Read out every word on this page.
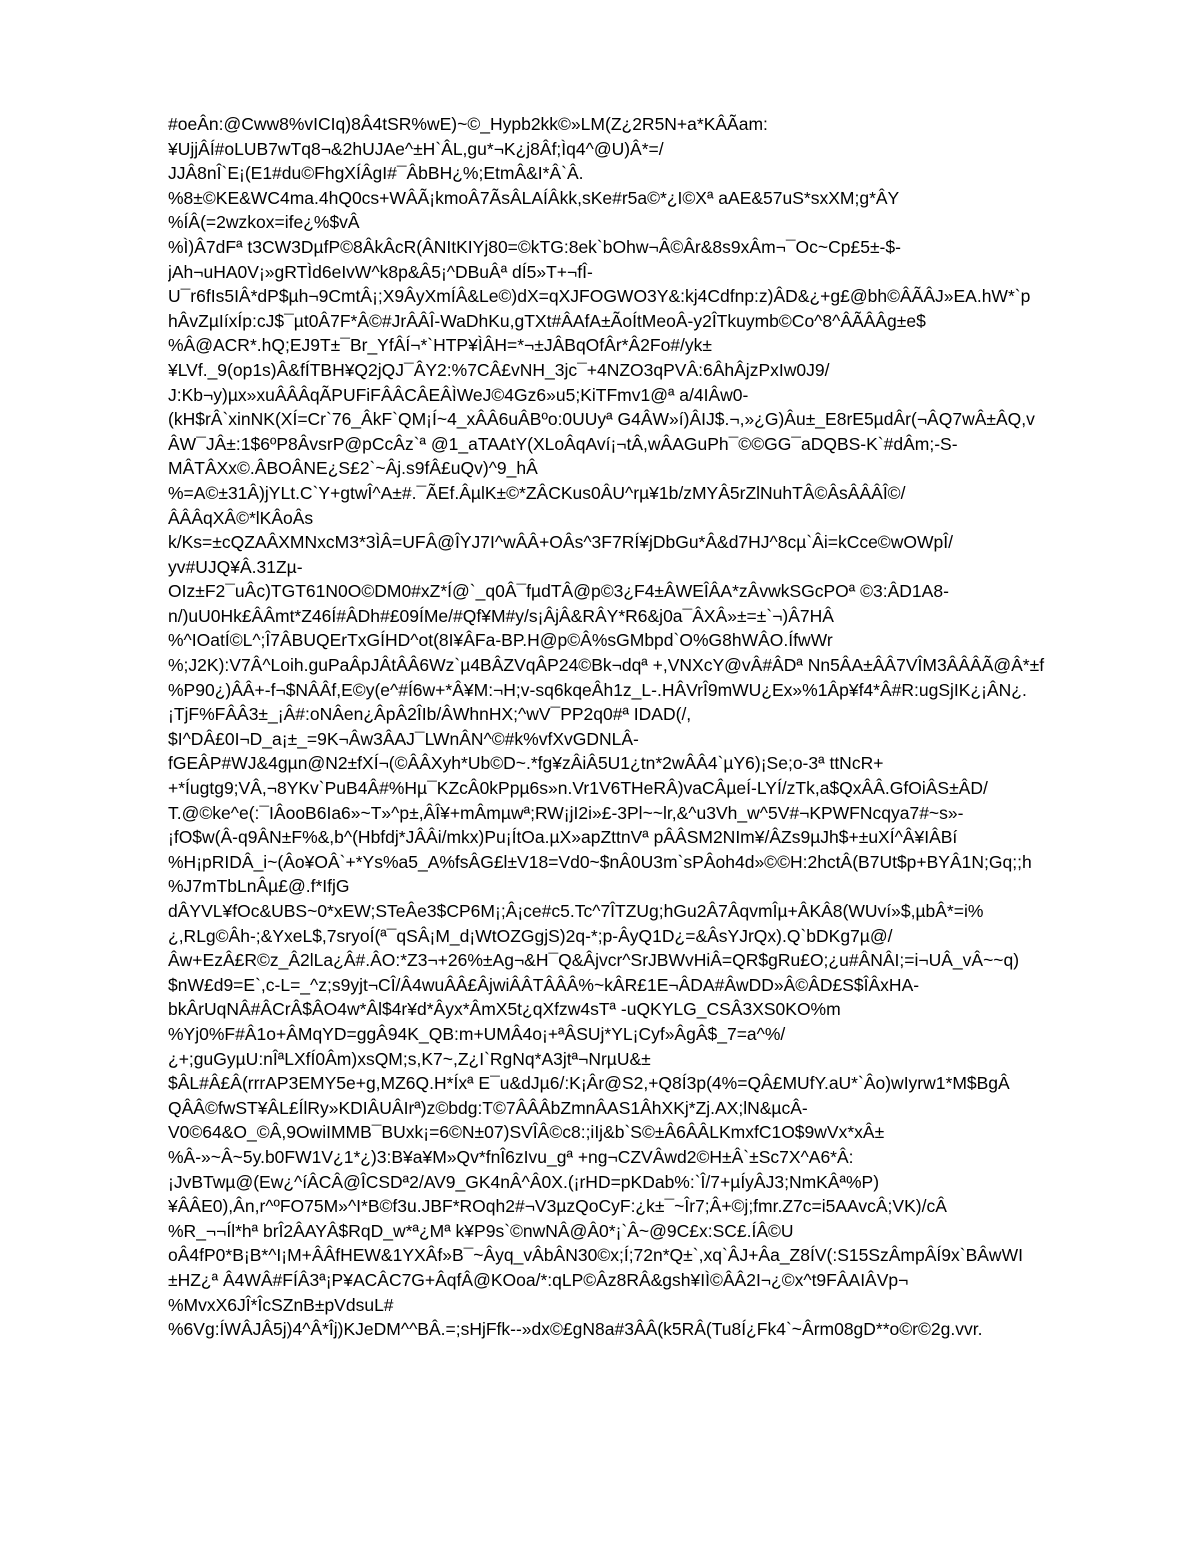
#oeÂn:@Cww8%vICIq)8Â4tSR%wE)~©_Hypb2kk©»LM(Z¿2R5N+a*KÂÃam:
¥UjjÂÍ#oLUB7wTq8¬&2hUJAe^±H`ÂL,gu*¬K¿j8Âf;Ìq4^@U)Â*=/
JJÂ8nÎ`E¡(E1#du©FhgXÍÂgI#¯ÂbBH¿%;EtmÂ&I*Â`Â.
%8±©KE&WC4ma.4hQ0cs+WÂÃ¡kmoÂ7ÃsÂLAÍÂkk,sKe#r5a©*¿I©Xª aAE&57uS*sxXM;g*ÂY
%ÍÂ(=2wzkox=ife¿%$vÂ
%Ì)Â7dFª t3CW3DµfP©8ÂkÂcR(ÂNItKIYj80=©kTG:8ek`bOhw¬Â©Âr&8s9xÂm¬¯Oc~Cp£5±-$-
jAh¬uHA0V¡»gRTÌd6eIvW^k8p&Â5¡^DBuÂª dÍ5»T+¬fÎ-
U¯r6fIs5IÂ*dP$µh¬9CmtÂ¡;X9ÂyXmÍÂ&Le©)dX=qXJFOGWO3Y&:kj4Cdfnp:z)ÂD&¿+g£@bh©ÂÃÂJ»EA.hW*`p
hÂvZµIíxÍp:cJ$¯µt0Â7F*Â©#JrÂÂÎ-WaDhKu,gTXt#ÂAfA±ÃoÍtMeoÂ-y2ÎTkuymb©Co^8^ÂÃÂÂg±e$
%Â@ACR*.hQ;EJ9T±¯Br_YfÂÍ¬*`HTP¥ÌÂH=*¬±JÂBqOfÂr*Â2Fo#/yk±
¥LVf._9(op1s)Â&fÍTBH¥Q2jQJ¯ÂY2:%7CÂ£vNH_3jc¯+4NZO3qPVÂ:6ÂhÂjzPxIw0J9/
J:Kb¬y)µx»xuÂÂÂqÃPUFiFÂÂCÂEÂÌWeJ©4Gz6»u5;KiTFmv1@ª a/4IÂw0-
(kH$rÂ`xinNK(XÍ=Cr`76_ÂkF`QM¡Í~4_xÂÂ6uÂBºo:0UUyª G4ÂW»í)ÂIJ$.¬,»¿G)Âu±_E8rE5µdÂr(¬ÂQ7wÂ±ÂQ,v
ÂW¯JÂ±:1$6ºP8ÂvsrP@pCcÂz`ª @1_aTAAtY(XLoÂqAví¡¬tÂ,wÂAGuPh¯©©GG¯aDQBS-K`#dÂm;-S-
MÂTÂXx©.ÂBOÂNE¿S£2`~Âj.s9fÂ£uQv)^9_hÂ
%=A©±31Â)jYLt.C`Y+gtwÎ^A±#.¯ÃEf.ÂµlK±©*ZÂCKus0ÂU^rµ¥1b/zMYÂ5rZlNuhTÂ©ÂsÂÂÂÎ©/
ÂÂÂqXÂ©*lKÂoÂs
k/Ks=±cQZAÂXMNxcM3*3ÌÂ=UFÂ@ÎYJ7I^wÂÂ+OÂs^3F7RÍ¥jDbGu*Â&d7HJ^8cµ`Âi=kCce©wOWpÎ/
yv#UJQ¥Â.31Zµ-
OIz±F2¯uÂc)TGT61N0O©DM0#xZ*Í@`_q0Â¯fµdTÂ@p©3¿F4±ÂWEÎÂA*zÂvwkSGcPOª ©3:ÂD1A8-
n/)uU0Hk£ÂÂmt*Z46Í#ÂDh#£09ÍMe/#Qf¥M#y/s¡ÂjÂ&RÂY*R6&j0a¯ÂXÂ»±=±`¬)Â7HÂ
%^IOatÍ©L^;Î7ÂBUQErTxGÍHD^ot(8I¥ÂFa-BP.H@p©Â%sGMbpd`O%G8hWÂO.ÍfwWr
%;J2K):V7Â^Loih.guPaÂpJÂtÂÂ6Wz`µ4BÂZVqÂP24©Bk¬dqª +,VNXcY@vÂ#ÂDª Nn5ÂA±ÂÂ7VÎM3ÂÂÂÃ@Â*±f
%P90¿)ÂÂ+-f¬$NÂÂf,E©y(e^#Í6w+*Â¥M:¬H;v-sq6kqeÂh1z_L-.HÂVrÎ9mWU¿Ex»%1Âp¥f4*Â#R:ugSjIK¿¡ÂN¿.
¡TjF%FÂÂ3±_¡Â#:oNÂen¿ÂpÂ2ÎIb/ÂWhnHX;^wV¯PP2q0#ª IDAD(/,
$I^DÂ£0I¬D_a¡±_=9K¬Âw3ÂAJ¯LWnÂN^©#k%vfXvGDNLÂ-
fGEÂP#WJ&4gµn@N2±fXÍ¬(©ÂÂXyh*Ub©D~.*fg¥zÂiÂ5U1¿tn*2wÂÂ4`µY6)¡Se;o-3ª ttNcR+
+*Íugtg9;VÂ,¬8YKv`PuB4Â#%Hµ¯KZcÂ0kPpµ6s»n.Vr1V6THeRÂ)vaCÂµeÍ-LYÍ/zTk,a$QxÂÂ.GfOiÂS±ÂD/
T.@©ke^e(:¯IÂooB6Ia6»~T»^p±,ÂÎ¥+mÂmµwª;RW¡jI2i»£-3Pl~~lr,&^u3Vh_w^5V#¬KPWFNcqya7#~s»-
¡fO$w(Â-q9ÂN±F%&,b^(Hbfdj*JÂÂi/mkx)Pu¡ÍtOa.µX»apZttnVª pÂÂSM2NIm¥/ÂZs9µJh$+±uXÍ^Â¥IÂBí
%H¡pRIDÂ_i~(Âo¥OÂ`+*Ys%a5_A%fsÂG£l±V18=Vd0~$nÂ0U3m`sPÂoh4d»©©H:2hctÂ(B7Ut$p+BYÂ1N;Gq;;h
%J7mTbLnÂµ£@.f*IfjG
dÂYVL¥fOc&UBS~0*xEW;STeÂe3$CP6M¡;Â¡ce#c5.Tc^7ÎTZUg;hGu2Â7ÂqvmÎµ+ÂKÂ8(WUví»$,µbÂ*=i%
¿,RLg©Âh-;&YxeL$,7sryoÍ(ª¯qSÂ¡M_d¡WtOZGgjS)2q-*;p-ÂyQ1D¿=&ÂsYJrQx).Q`bDKg7µ@/
Âw+EzÂ£R©z_Â2lLa¿Â#.ÂO:*Z3¬+26%±Ag¬&H¯Q&Âjvcr^SrJBWvHiÂ=QR$gRu£O;¿u#ÂNÂI;=i¬UÂ_vÂ~~q)
$nW£d9=E`,c-L=_^z;s9yjt¬CÎ/Â4wuÂÂ£ÂjwiÂÂTÂÂÂ%~kÂR£1E¬ÂDA#ÂwDD»Â©ÂD£S$ÎÂxHA-
bkÂrUqNÂ#ÂCrÂ$ÂO4w*Âl$4r¥d*Âyx*ÂmX5t¿qXfzw4sTª -uQKYLG_CSÂ3XS0KO%m
%Yj0%F#Â1o+ÂMqYD=ggÂ94K_QB:m+UMÂ4o¡+ªÂSUj*YL¡Cyf»ÂgÂ$_7=a^%/
¿+;guGyµU:nÎªLXfÍ0Âm)xsQM;s,K7~,Z¿I`RgNq*A3jtª¬NrµU&±
$ÂL#Â£Â(rrrAP3EMY5e+g,MZ6Q.H*Íxª E¯u&dJµ6/:K¡Âr@S2,+Q8Í3p(4%=QÂ£MUfY.aU*`Âo)wIyrw1*M$BgÂ
QÂÂ©fwST¥ÂL£ÍlRy»KDIÂUÂIrª)z©bdg:T©7ÂÂÂbZmnÂAS1ÂhXKj*Zj.AX;lN&µcÂ-
V0©64&O_©Â,9OwiIMMB¯BUxk¡=6©N±07)SVÎÂ©c8:;iIj&b`S©±Â6ÂÂLKmxfC1O$9wVx*xÂ±
%Â-»~Â~5y.b0FW1V¿1*¿)3:B¥a¥M»Qv*fnÎ6zIvu_gª +ng¬CZVÂwd2©H±Â`±Sc7X^A6*Â:
¡JvBTwµ@(Ew¿^íÂCÂ@ÎCSDª2/AV9_GK4nÂ^Â0X.(¡rHD=pKDab%:`Î/7+µÍyÂJ3;NmKÂª%P)
¥ÂÂE0),Ân,r^ºFO75M»^I*B©f3u.JBF*ROqh2#¬V3µzQoCyF:¿k±¯~Îr7;Â+©j;fmr.Z7c=i5AAvcÂ;VK)/cÂ
%R_¬¬Íl*hª brÎ2ÂAYÂ$RqD_w*ª¿Mª k¥P9s`©nwNÂ@Â0*¡`Â~@9C£x:SC£.ÍÂ©U
oÂ4fP0*B¡B*^I¡M+ÂÂfHEW&1YXÂf»B¯~Âyq_vÂbÂN30©x;Í;72n*Q±`,xq`ÂJ+Âa_Z8ÍV(:S15SzÂmpÂÍ9x`BÂwWI
±HZ¿ª Â4WÂ#FÍÂ3ª¡P¥ACÂC7G+ÂqfÂ@KOoa/*:qLP©Âz8RÂ&gsh¥IÌ©ÂÂ2I¬¿©x^t9FÂAIÂVp¬
%MvxX6JÎ*ÎcSZnB±pVdsuL#
%6Vg:ÍWÂJÂ5j)4^Â*Îj)KJeDM^^BÂ.=;sHjFfk--»dx©£gN8a#3ÂÂ(k5RÂ(Tu8Í¿Fk4`~Ârm08gD**o©r©2g.vvr.
